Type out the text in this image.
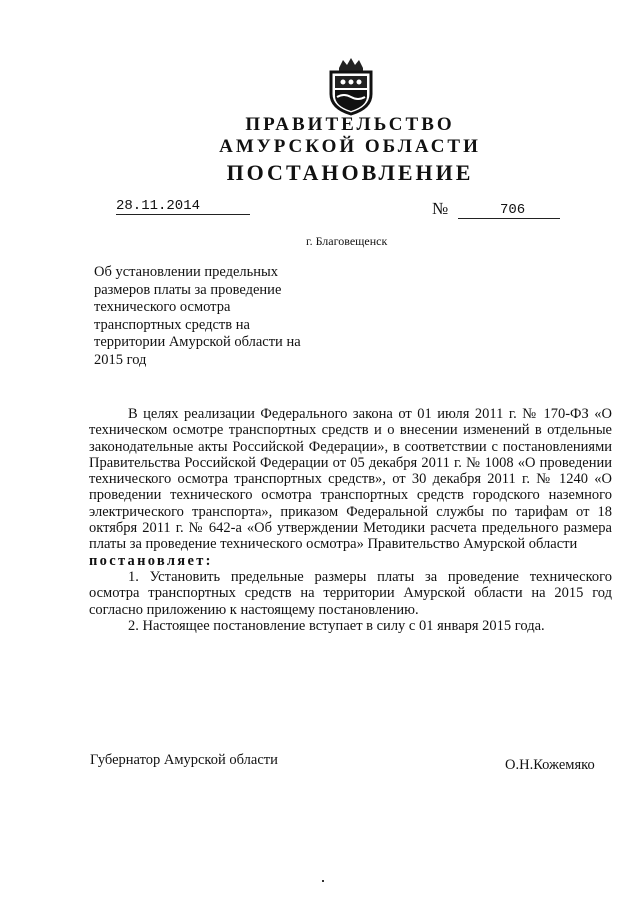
ПРАВИТЕЛЬСТВО
АМУРСКОЙ ОБЛАСТИ
ПОСТАНОВЛЕНИЕ
28.11.2014	№	706
г. Благовещенск
Об установлении предельных размеров платы за проведение технического осмотра транспортных средств на территории Амурской области на 2015 год

В целях реализации Федерального закона от 01 июля 2011 г. № 170-ФЗ «О техническом осмотре транспортных средств и о внесении изменений в отдельные законодательные акты Российской Федерации», в соответствии с постановлениями Правительства Российской Федерации от 05 декабря 2011 г. № 1008 «О проведении технического осмотра транспортных средств», от 30 декабря 2011 г. № 1240 «О проведении технического осмотра транспортных средств городского наземного электрического транспорта», приказом Федеральной службы по тарифам от 18 октября 2011 г. № 642-а «Об утверждении Методики расчета предельного размера платы за проведение технического осмотра» Правительство Амурской области

постановляет:

1. Установить предельные размеры платы за проведение технического осмотра транспортных средств на территории Амурской области на 2015 год согласно приложению к настоящему постановлению.

2. Настоящее постановление вступает в силу с 01 января 2015 года.

Губернатор Амурской области	О.Н.Кожемяко
